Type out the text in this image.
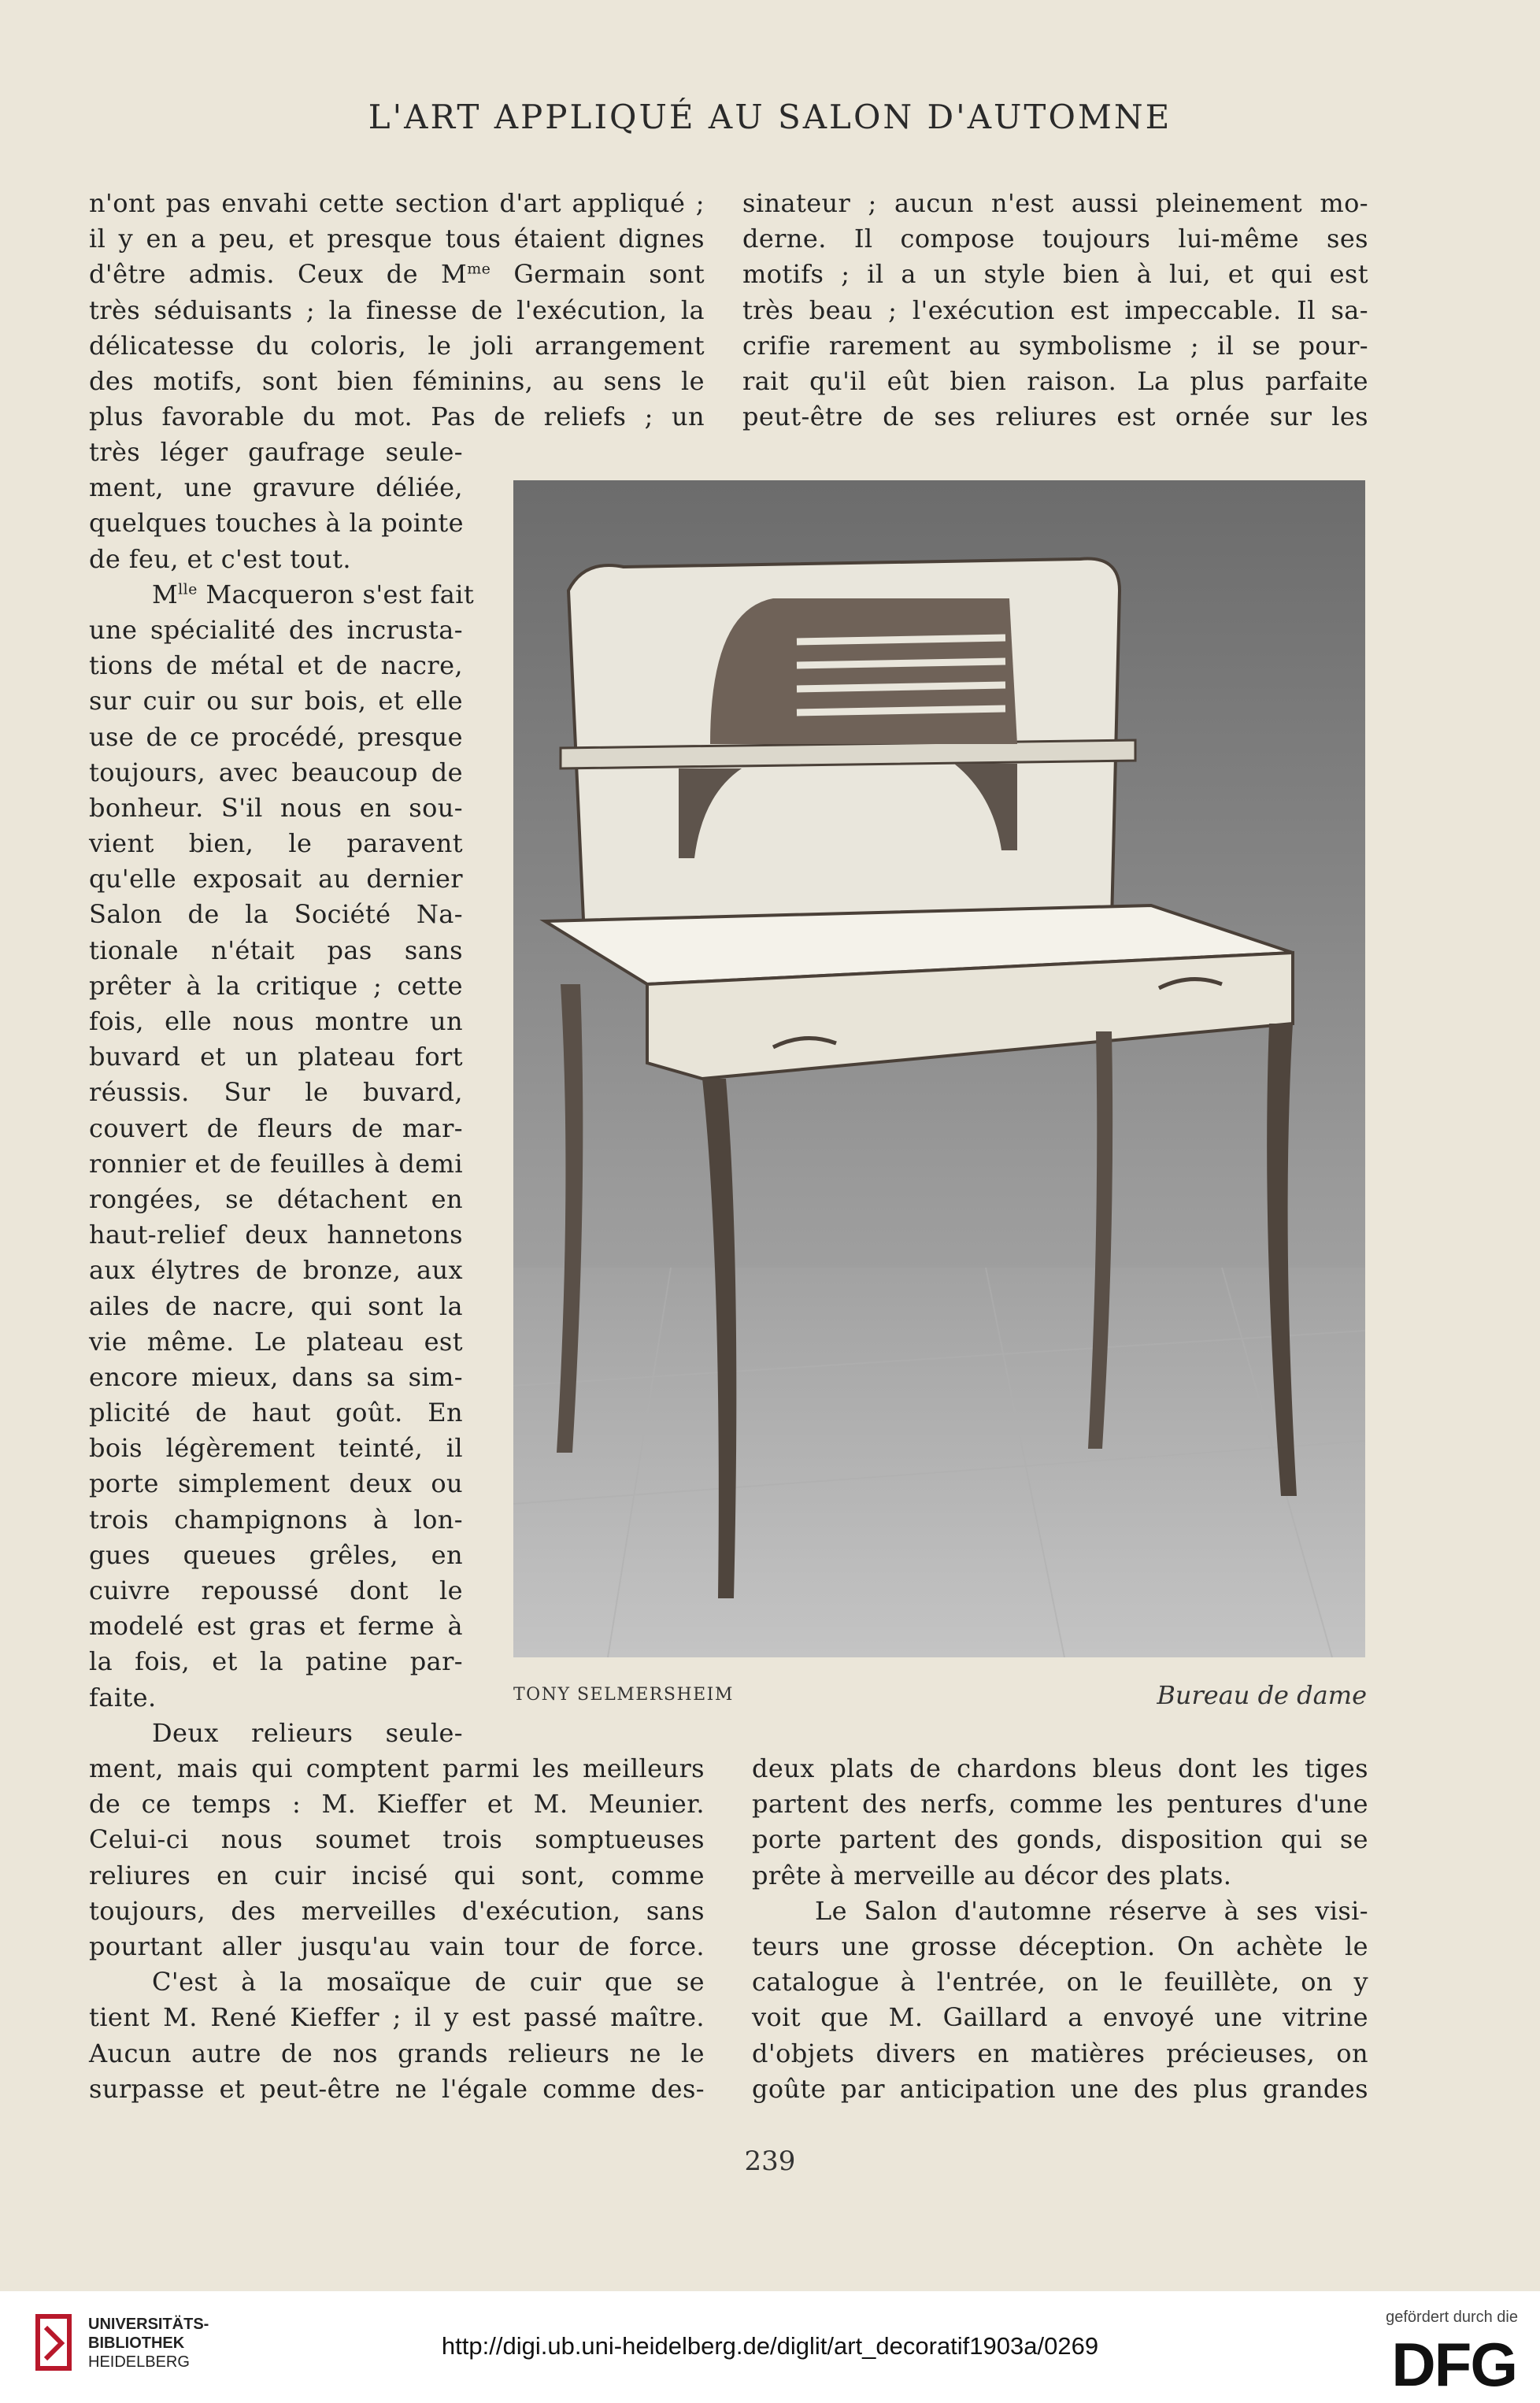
L'ART APPLIQUÉ AU SALON D'AUTOMNE
n'ont pas envahi cette section d'art appliqué ;
il y en a peu, et presque tous étaient dignes
d'être admis. Ceux de $M^{me}$ Germain sont
très séduisants ; la finesse de l'exécution, la
délicatesse du coloris, le joli arrangement
des motifs, sont bien féminins, au sens le
plus favorable du mot. Pas de reliefs ; un
très léger gaufrage seule-
ment, une gravure déliée,
quelques touches à la pointe
de feu, et c'est tout.
$M^{lle}$ Macqueron s'est fait
une spécialité des incrusta-
tions de métal et de nacre,
sur cuir ou sur bois, et elle
use de ce procédé, presque
toujours, avec beaucoup de
bonheur. S'il nous en sou-
vient bien, le paravent
qu'elle exposait au dernier
Salon de la Société Na-
tionale n'était pas sans
prêter à la critique ; cette
fois, elle nous montre un
buvard et un plateau fort
réussis. Sur le buvard,
couvert de fleurs de mar-
ronnier et de feuilles à demi
rongées, se détachent en
haut-relief deux hannetons
aux élytres de bronze, aux
ailes de nacre, qui sont la
vie même. Le plateau est
encore mieux, dans sa sim-
plicité de haut goût. En
bois légèrement teinté, il
porte simplement deux ou
trois champignons à lon-
gues queues grêles, en
cuivre repoussé dont le
modelé est gras et ferme à
la fois, et la patine par-
faite.
Deux relieurs seule-
ment, mais qui comptent parmi les meilleurs
de ce temps : M. Kieffer et M. Meunier.
Celui-ci nous soumet trois somptueuses
reliures en cuir incisé qui sont, comme
toujours, des merveilles d'exécution, sans
pourtant aller jusqu'au vain tour de force.
C'est à la mosaïque de cuir que se
tient M. René Kieffer ; il y est passé maître.
Aucun autre de nos grands relieurs ne le
surpasse et peut-être ne l'égale comme des-
sinateur ; aucun n'est aussi pleinement mo-
derne. Il compose toujours lui-même ses
motifs ; il a un style bien à lui, et qui est
très beau ; l'exécution est impeccable. Il sa-
crifie rarement au symbolisme ; il se pour-
rait qu'il eût bien raison. La plus parfaite
peut-être de ses reliures est ornée sur les
TONY SELMERSHEIM	Bureau de dame
deux plats de chardons bleus dont les tiges
partent des nerfs, comme les pentures d'une
porte partent des gonds, disposition qui se
prête à merveille au décor des plats.
Le Salon d'automne réserve à ses visi-
teurs une grosse déception. On achète le
catalogue à l'entrée, on le feuillète, on y
voit que M. Gaillard a envoyé une vitrine
d'objets divers en matières précieuses, on
goûte par anticipation une des plus grandes
239
UNIVERSITÄTS-
BIBLIOTHEK
HEIDELBERG
http://digi.ub.uni-heidelberg.de/diglit/art_decoratif1903a/0269
gefördert durch die
DFG
